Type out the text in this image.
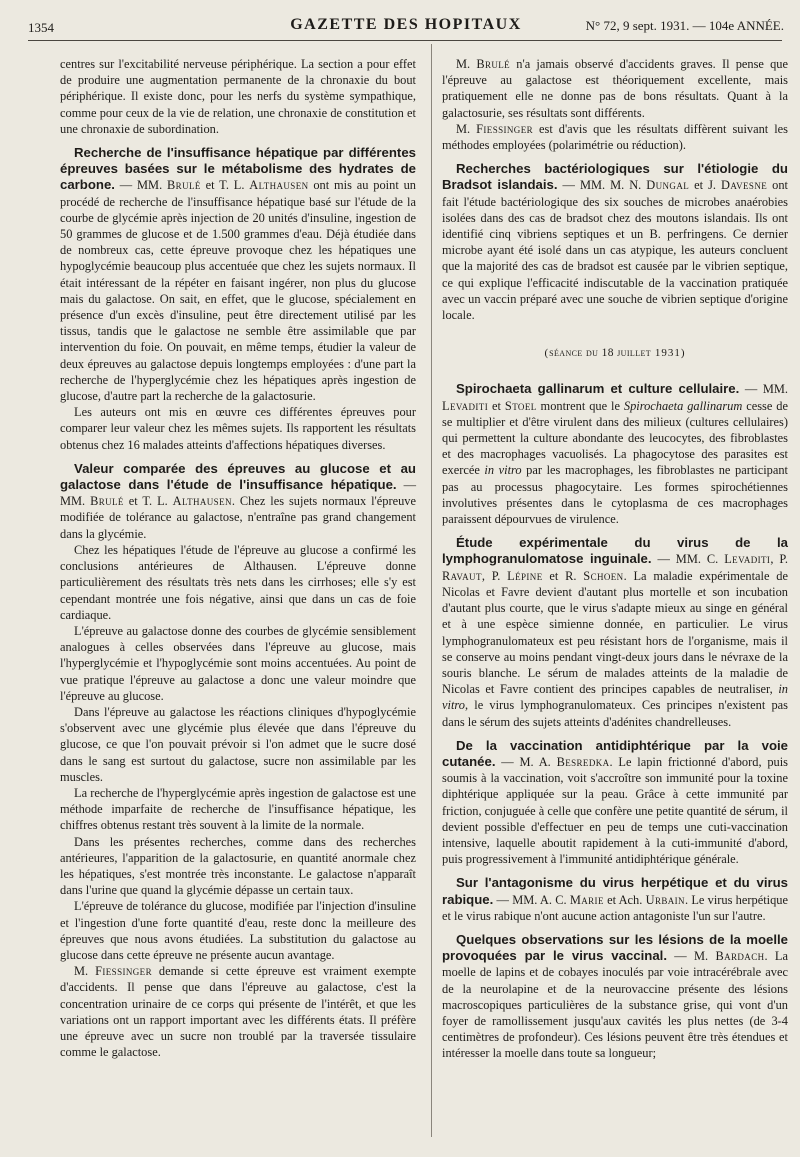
1354	GAZETTE DES HOPITAUX	N° 72, 9 sept. 1931. — 104e ANNÉE.

centres sur l'excitabilité nerveuse périphérique. La section a pour effet de produire une augmentation permanente de la chronaxie du bout périphérique. Il existe donc, pour les nerfs du système sympathique, comme pour ceux de la vie de relation, une chronaxie de constitution et une chronaxie de subordination.

Recherche de l'insuffisance hépatique par différentes épreuves basées sur le métabolisme des hydrates de carbone. — MM. Brulé et T. L. Althausen ont mis au point un procédé de recherche de l'insuffisance hépatique basé sur l'étude de la courbe de glycémie après injection de 20 unités d'insuline, ingestion de 50 grammes de glucose et de 1.500 grammes d'eau. Déjà étudiée dans de nombreux cas, cette épreuve provoque chez les hépatiques une hypoglycémie beaucoup plus accentuée que chez les sujets normaux. Il était intéressant de la répéter en faisant ingérer, non plus du glucose mais du galactose. On sait, en effet, que le glucose, spécialement en présence d'un excès d'insuline, peut être directement utilisé par les tissus, tandis que le galactose ne semble être assimilable que par intervention du foie. On pouvait, en même temps, étudier la valeur de deux épreuves au galactose depuis longtemps employées : d'une part la recherche de l'hyperglycémie chez les hépatiques après ingestion de glucose, d'autre part la recherche de la galactosurie.

Les auteurs ont mis en œuvre ces différentes épreuves pour comparer leur valeur chez les mêmes sujets. Ils rapportent les résultats obtenus chez 16 malades atteints d'affections hépatiques diverses.

Valeur comparée des épreuves au glucose et au galactose dans l'étude de l'insuffisance hépatique. — MM. Brulé et T. L. Althausen. Chez les sujets normaux l'épreuve modifiée de tolérance au galactose, n'entraîne pas grand changement dans la glycémie.

Chez les hépatiques l'étude de l'épreuve au glucose a confirmé les conclusions antérieures de Althausen. L'épreuve donne particulièrement des résultats très nets dans les cirrhoses; elle s'y est cependant montrée une fois négative, ainsi que dans un cas de foie cardiaque.

L'épreuve au galactose donne des courbes de glycémie sensiblement analogues à celles observées dans l'épreuve au glucose, mais l'hyperglycémie et l'hypoglycémie sont moins accentuées. Au point de vue pratique l'épreuve au galactose a donc une valeur moindre que l'épreuve au glucose.

Dans l'épreuve au galactose les réactions cliniques d'hypoglycémie s'observent avec une glycémie plus élevée que dans l'épreuve du glucose, ce que l'on pouvait prévoir si l'on admet que le sucre dosé dans le sang est surtout du galactose, sucre non assimilable par les muscles.

La recherche de l'hyperglycémie après ingestion de galactose est une méthode imparfaite de recherche de l'insuffisance hépatique, les chiffres obtenus restant très souvent à la limite de la normale.

Dans les présentes recherches, comme dans des recherches antérieures, l'apparition de la galactosurie, en quantité anormale chez les hépatiques, s'est montrée très inconstante. Le galactose n'apparaît dans l'urine que quand la glycémie dépasse un certain taux.

L'épreuve de tolérance du glucose, modifiée par l'injection d'insuline et l'ingestion d'une forte quantité d'eau, reste donc la meilleure des épreuves que nous avons étudiées. La substitution du galactose au glucose dans cette épreuve ne présente aucun avantage.

M. Fiessinger demande si cette épreuve est vraiment exempte d'accidents. Il pense que dans l'épreuve au galactose, c'est la concentration urinaire de ce corps qui présente de l'intérêt, et que les variations ont un rapport important avec les différents états. Il préfère une épreuve avec un sucre non troublé par la traversée tissulaire comme le galactose.

M. Brulé n'a jamais observé d'accidents graves. Il pense que l'épreuve au galactose est théoriquement excellente, mais pratiquement elle ne donne pas de bons résultats. Quant à la galactosurie, ses résultats sont différents.

M. Fiessinger est d'avis que les résultats diffèrent suivant les méthodes employées (polarimétrie ou réduction).

Recherches bactériologiques sur l'étiologie du Bradsot islandais. — MM. M. N. Dungal et J. Davesne ont fait l'étude bactériologique des six souches de microbes anaérobies isolées dans des cas de bradsot chez des moutons islandais. Ils ont identifié cinq vibriens septiques et un B. perfringens. Ce dernier microbe ayant été isolé dans un cas atypique, les auteurs concluent que la majorité des cas de bradsot est causée par le vibrien septique, ce qui explique l'efficacité indiscutable de la vaccination pratiquée avec un vaccin préparé avec une souche de vibrien septique d'origine locale.

(séance du 18 juillet 1931)

Spirochaeta gallinarum et culture cellulaire. — MM. Levaditi et Stoel montrent que le Spirochaeta gallinarum cesse de se multiplier et d'être virulent dans des milieux (cultures cellulaires) qui permettent la culture abondante des leucocytes, des fibroblastes et des macrophages vacuolisés. La phagocytose des parasites est exercée in vitro par les macrophages, les fibroblastes ne participant pas au processus phagocytaire. Les formes spirochétiennes involutives présentes dans le cytoplasma de ces macrophages paraissent dépourvues de virulence.

Étude expérimentale du virus de la lymphogranulomatose inguinale. — MM. C. Levaditi, P. Ravaut, P. Lépine et R. Schoen. La maladie expérimentale de Nicolas et Favre devient d'autant plus mortelle et son incubation d'autant plus courte, que le virus s'adapte mieux au singe en général et à une espèce simienne donnée, en particulier. Le virus lymphogranulomateux est peu résistant hors de l'organisme, mais il se conserve au moins pendant vingt-deux jours dans le névraxe de la souris blanche. Le sérum de malades atteints de la maladie de Nicolas et Favre contient des principes capables de neutraliser, in vitro, le virus lymphogranulomateux. Ces principes n'existent pas dans le sérum des sujets atteints d'adénites chandrelleuses.

De la vaccination antidiphtérique par la voie cutanée. — M. A. Besredka. Le lapin frictionné d'abord, puis soumis à la vaccination, voit s'accroître son immunité pour la toxine diphtérique appliquée sur la peau. Grâce à cette immunité par friction, conjuguée à celle que confère une petite quantité de sérum, il devient possible d'effectuer en peu de temps une cuti-vaccination intensive, laquelle aboutit rapidement à la cuti-immunité d'abord, puis progressivement à l'immunité antidiphtérique générale.

Sur l'antagonisme du virus herpétique et du virus rabique. — MM. A. C. Marie et Ach. Urbain. Le virus herpétique et le virus rabique n'ont aucune action antagoniste l'un sur l'autre.

Quelques observations sur les lésions de la moelle provoquées par le virus vaccinal. — M. Bardach. La moelle de lapins et de cobayes inoculés par voie intracérébrale avec de la neurolapine et de la neurovaccine présente des lésions macroscopiques particulières de la substance grise, qui vont d'un foyer de ramollissement jusqu'aux cavités les plus nettes (de 3-4 centimètres de profondeur). Ces lésions peuvent être très étendues et intéresser la moelle dans toute sa longueur;
